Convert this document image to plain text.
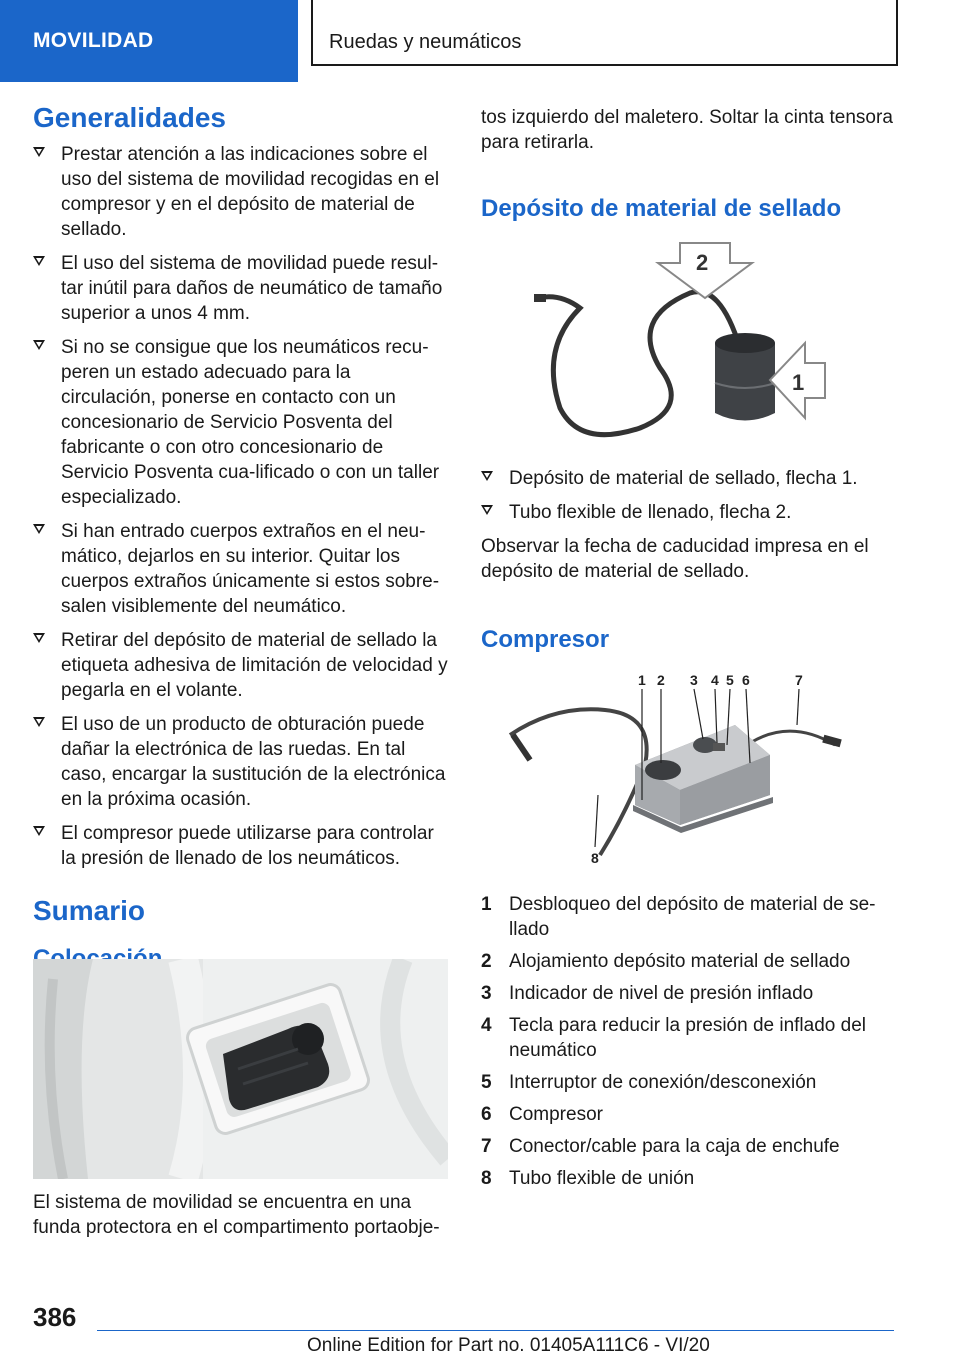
MOVILIDAD	Ruedas y neumáticos
Generalidades
Prestar atención a las indicaciones sobre el uso del sistema de movilidad recogidas en el compresor y en el depósito de material de sellado.
El uso del sistema de movilidad puede resul-tar inútil para daños de neumático de tamaño superior a unos 4 mm.
Si no se consigue que los neumáticos recu-peren un estado adecuado para la circulación, ponerse en contacto con un concesionario de Servicio Posventa del fabricante o con otro concesionario de Servicio Posventa cua-lificado o con un taller especializado.
Si han entrado cuerpos extraños en el neu-mático, dejarlos en su interior. Quitar los cuerpos extraños únicamente si estos sobre-salen visiblemente del neumático.
Retirar del depósito de material de sellado la etiqueta adhesiva de limitación de velocidad y pegarla en el volante.
El uso de un producto de obturación puede dañar la electrónica de las ruedas. En tal caso, encargar la sustitución de la electrónica en la próxima ocasión.
El compresor puede utilizarse para controlar la presión de llenado de los neumáticos.
Sumario

El sistema de movilidad se encuentra en una funda protectora en el compartimento portaobje-

tos izquierdo del maletero. Soltar la cinta tensora para retirarla.

Depósito de material de sellado
2
1
Depósito de material de sellado, flecha 1.
Tubo flexible de llenado, flecha 2.

Observar la fecha de caducidad impresa en el depósito de material de sellado.

Compresor
1 2 3 4 5 6	7
8
1 Desbloqueo del depósito de material de se-llado
2 Alojamiento depósito material de sellado
3 Indicador de nivel de presión inflado
4 Tecla para reducir la presión de inflado del neumático
5 Interruptor de conexión/desconexión
6 Compresor
7 Conector/cable para la caja de enchufe
8 Tubo flexible de unión
386
Online Edition for Part no. 01405A111C6 - VI/20
